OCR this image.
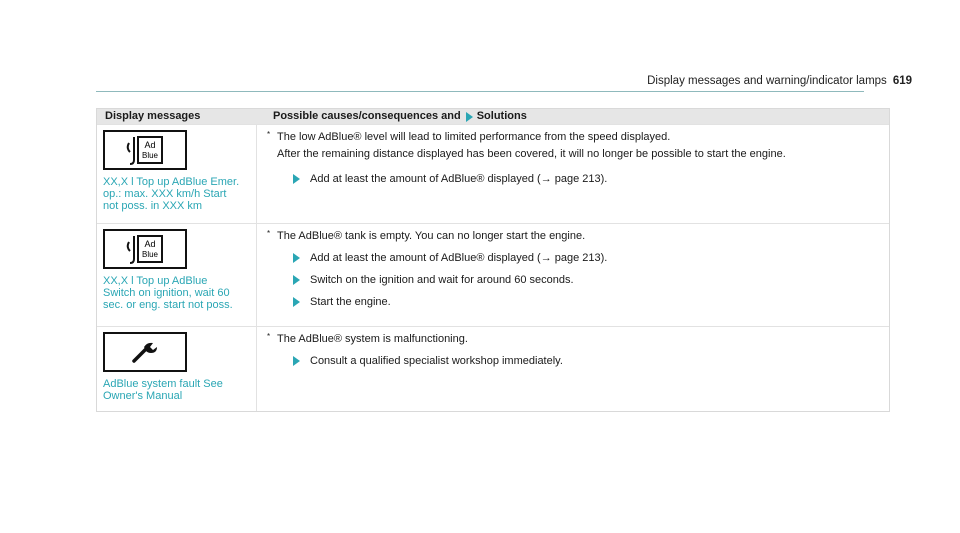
Display messages and warning/indicator lamps 619
Display messages	Possible causes/consequences and Solutions
Ad
Blue
XX,X l Top up AdBlue Emer.
op.: max. XXX km/h Start
not poss. in XXX km
* The low AdBlue® level will lead to limited performance from the speed displayed.
After the remaining distance displayed has been covered, it will no longer be possible to start the engine.
Add at least the amount of AdBlue® displayed (→ page 213).
Ad
Blue
XX,X l Top up AdBlue
Switch on ignition, wait 60
sec. or eng. start not poss.
* The AdBlue® tank is empty. You can no longer start the engine.
Add at least the amount of AdBlue® displayed (→ page 213).
Switch on the ignition and wait for around 60 seconds.
Start the engine.
AdBlue system fault See
Owner's Manual
* The AdBlue® system is malfunctioning.
Consult a qualified specialist workshop immediately.
